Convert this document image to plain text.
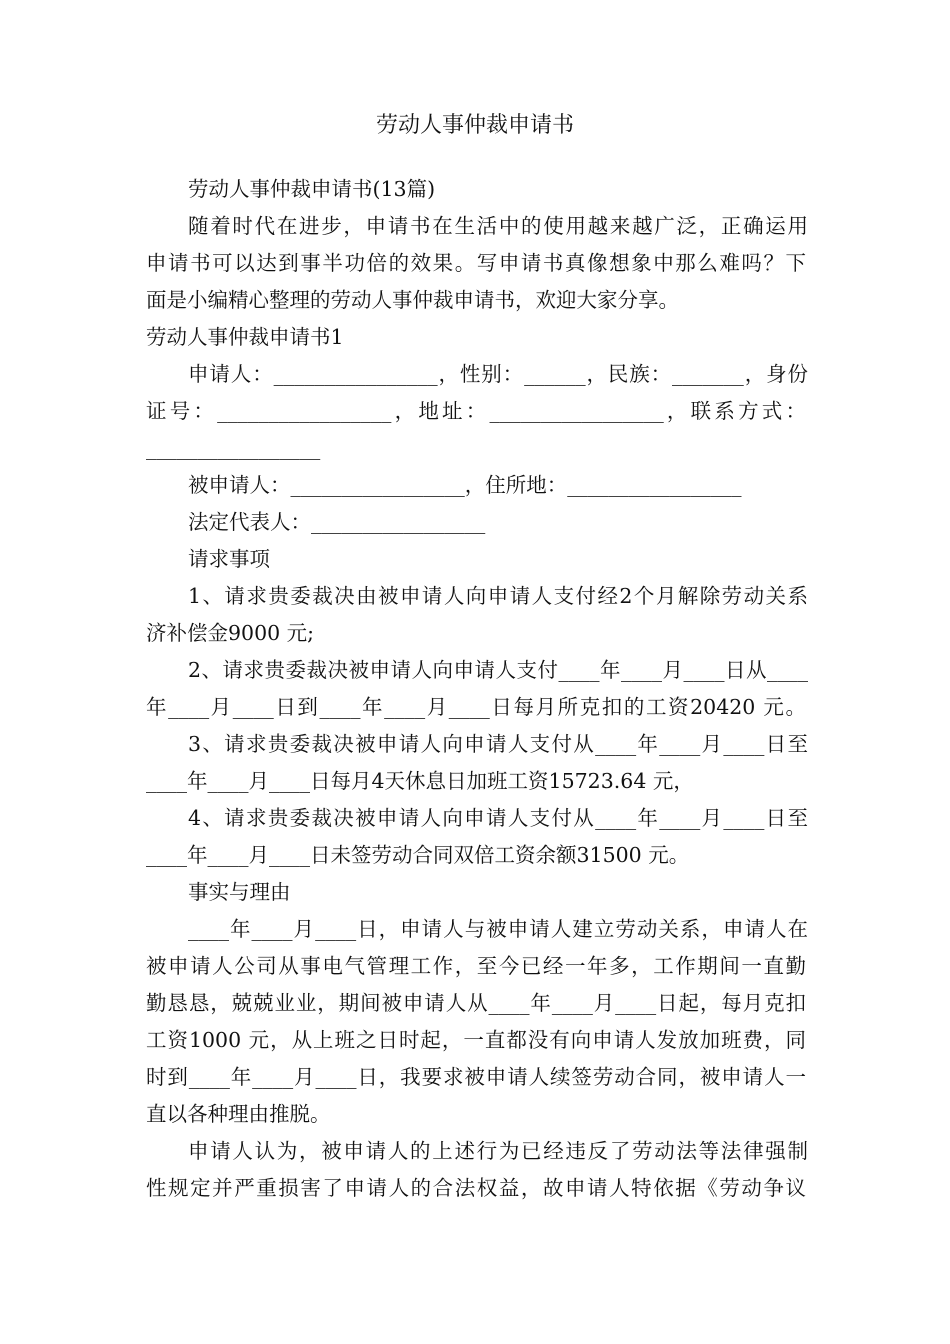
劳动人事仲裁申请书
劳动人事仲裁申请书(13篇)
随着时代在进步，申请书在生活中的使用越来越广泛，正确运用
申请书可以达到事半功倍的效果。写申请书真像想象中那么难吗？下
面是小编精心整理的劳动人事仲裁申请书，欢迎大家分享。
劳动人事仲裁申请书1
申请人：________________，性别：______，民族：_______，身份
证号：_________________，地址：_________________，联系方式：
_________________
被申请人：_________________，住所地：_________________
法定代表人：_________________
请求事项
1、请求贵委裁决由被申请人向申请人支付经2个月解除劳动关系
济补偿金9000 元;
2、请求贵委裁决被申请人向申请人支付____年____月____日从____
年____月____日到____年____月____日每月所克扣的工资20420 元。
3、请求贵委裁决被申请人向申请人支付从____年____月____日至
____年____月____日每月4天休息日加班工资15723.64 元，
4、请求贵委裁决被申请人向申请人支付从____年____月____日至
____年____月____日未签劳动合同双倍工资余额31500 元。
事实与理由
____年____月____日，申请人与被申请人建立劳动关系，申请人在
被申请人公司从事电气管理工作，至今已经一年多，工作期间一直勤
勤恳恳，兢兢业业，期间被申请人从____年____月____日起，每月克扣
工资1000 元，从上班之日时起，一直都没有向申请人发放加班费，同
时到____年____月____日，我要求被申请人续签劳动合同，被申请人一
直以各种理由推脱。
申请人认为，被申请人的上述行为已经违反了劳动法等法律强制
性规定并严重损害了申请人的合法权益，故申请人特依据《劳动争议
